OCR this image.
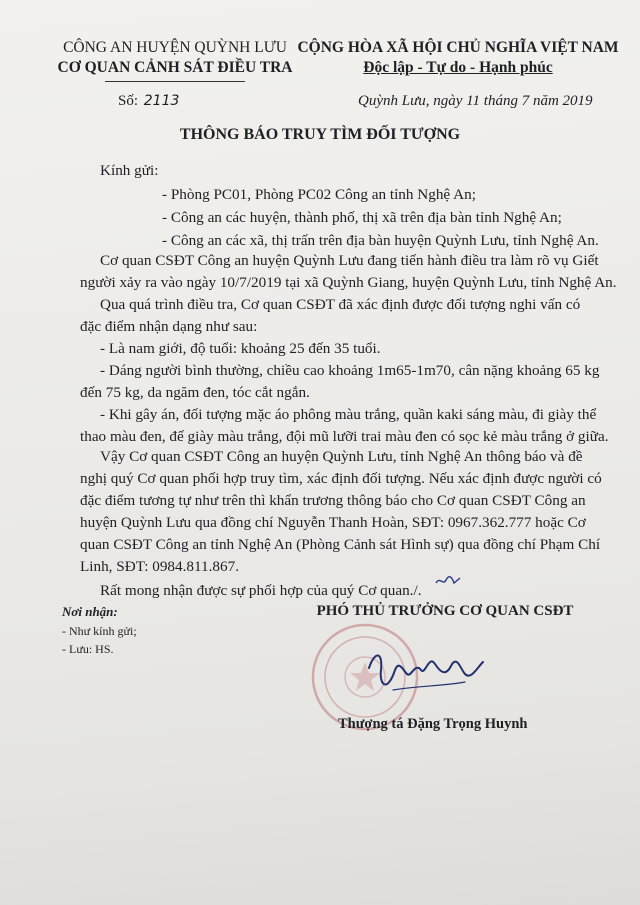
CÔNG AN HUYỆN QUỲNH LƯU
CƠ QUAN CẢNH SÁT ĐIỀU TRA
CỘNG HÒA XÃ HỘI CHỦ NGHĨA VIỆT NAM
Độc lập - Tự do - Hạnh phúc
Số: 2113	Quỳnh Lưu, ngày 11 tháng 7 năm 2019
THÔNG BÁO TRUY TÌM ĐỐI TƯỢNG
Kính gửi:
- Phòng PC01, Phòng PC02 Công an tỉnh Nghệ An;
- Công an các huyện, thành phố, thị xã trên địa bàn tỉnh Nghệ An;
- Công an các xã, thị trấn trên địa bàn huyện Quỳnh Lưu, tỉnh Nghệ An.
Cơ quan CSĐT Công an huyện Quỳnh Lưu đang tiến hành điều tra làm rõ vụ Giết
người xảy ra vào ngày 10/7/2019 tại xã Quỳnh Giang, huyện Quỳnh Lưu, tỉnh Nghệ An.
Qua quá trình điều tra, Cơ quan CSĐT đã xác định được đối tượng nghi vấn có
đặc điểm nhận dạng như sau:
- Là nam giới, độ tuổi: khoảng 25 đến 35 tuổi.
- Dáng người bình thường, chiều cao khoảng 1m65-1m70, cân nặng khoảng 65 kg
đến 75 kg, da ngăm đen, tóc cắt ngắn.
- Khi gây án, đối tượng mặc áo phông màu trắng, quần kaki sáng màu, đi giày thể
thao màu đen, đế giày màu trắng, đội mũ lưỡi trai màu đen có sọc kẻ màu trắng ở giữa.
Vậy Cơ quan CSĐT Công an huyện Quỳnh Lưu, tỉnh Nghệ An thông báo và đề
nghị quý Cơ quan phối hợp truy tìm, xác định đối tượng. Nếu xác định được người có
đặc điểm tương tự như trên thì khẩn trương thông báo cho Cơ quan CSĐT Công an
huyện Quỳnh Lưu qua đồng chí Nguyễn Thanh Hoàn, SĐT: 0967.362.777 hoặc Cơ
quan CSĐT Công an tỉnh Nghệ An (Phòng Cảnh sát Hình sự) qua đồng chí Phạm Chí
Linh, SĐT: 0984.811.867.
Rất mong nhận được sự phối hợp của quý Cơ quan./.
Nơi nhận:
- Như kính gửi;
- Lưu: HS.
PHÓ THỦ TRƯỞNG CƠ QUAN CSĐT
Thượng tá Đặng Trọng Huynh
